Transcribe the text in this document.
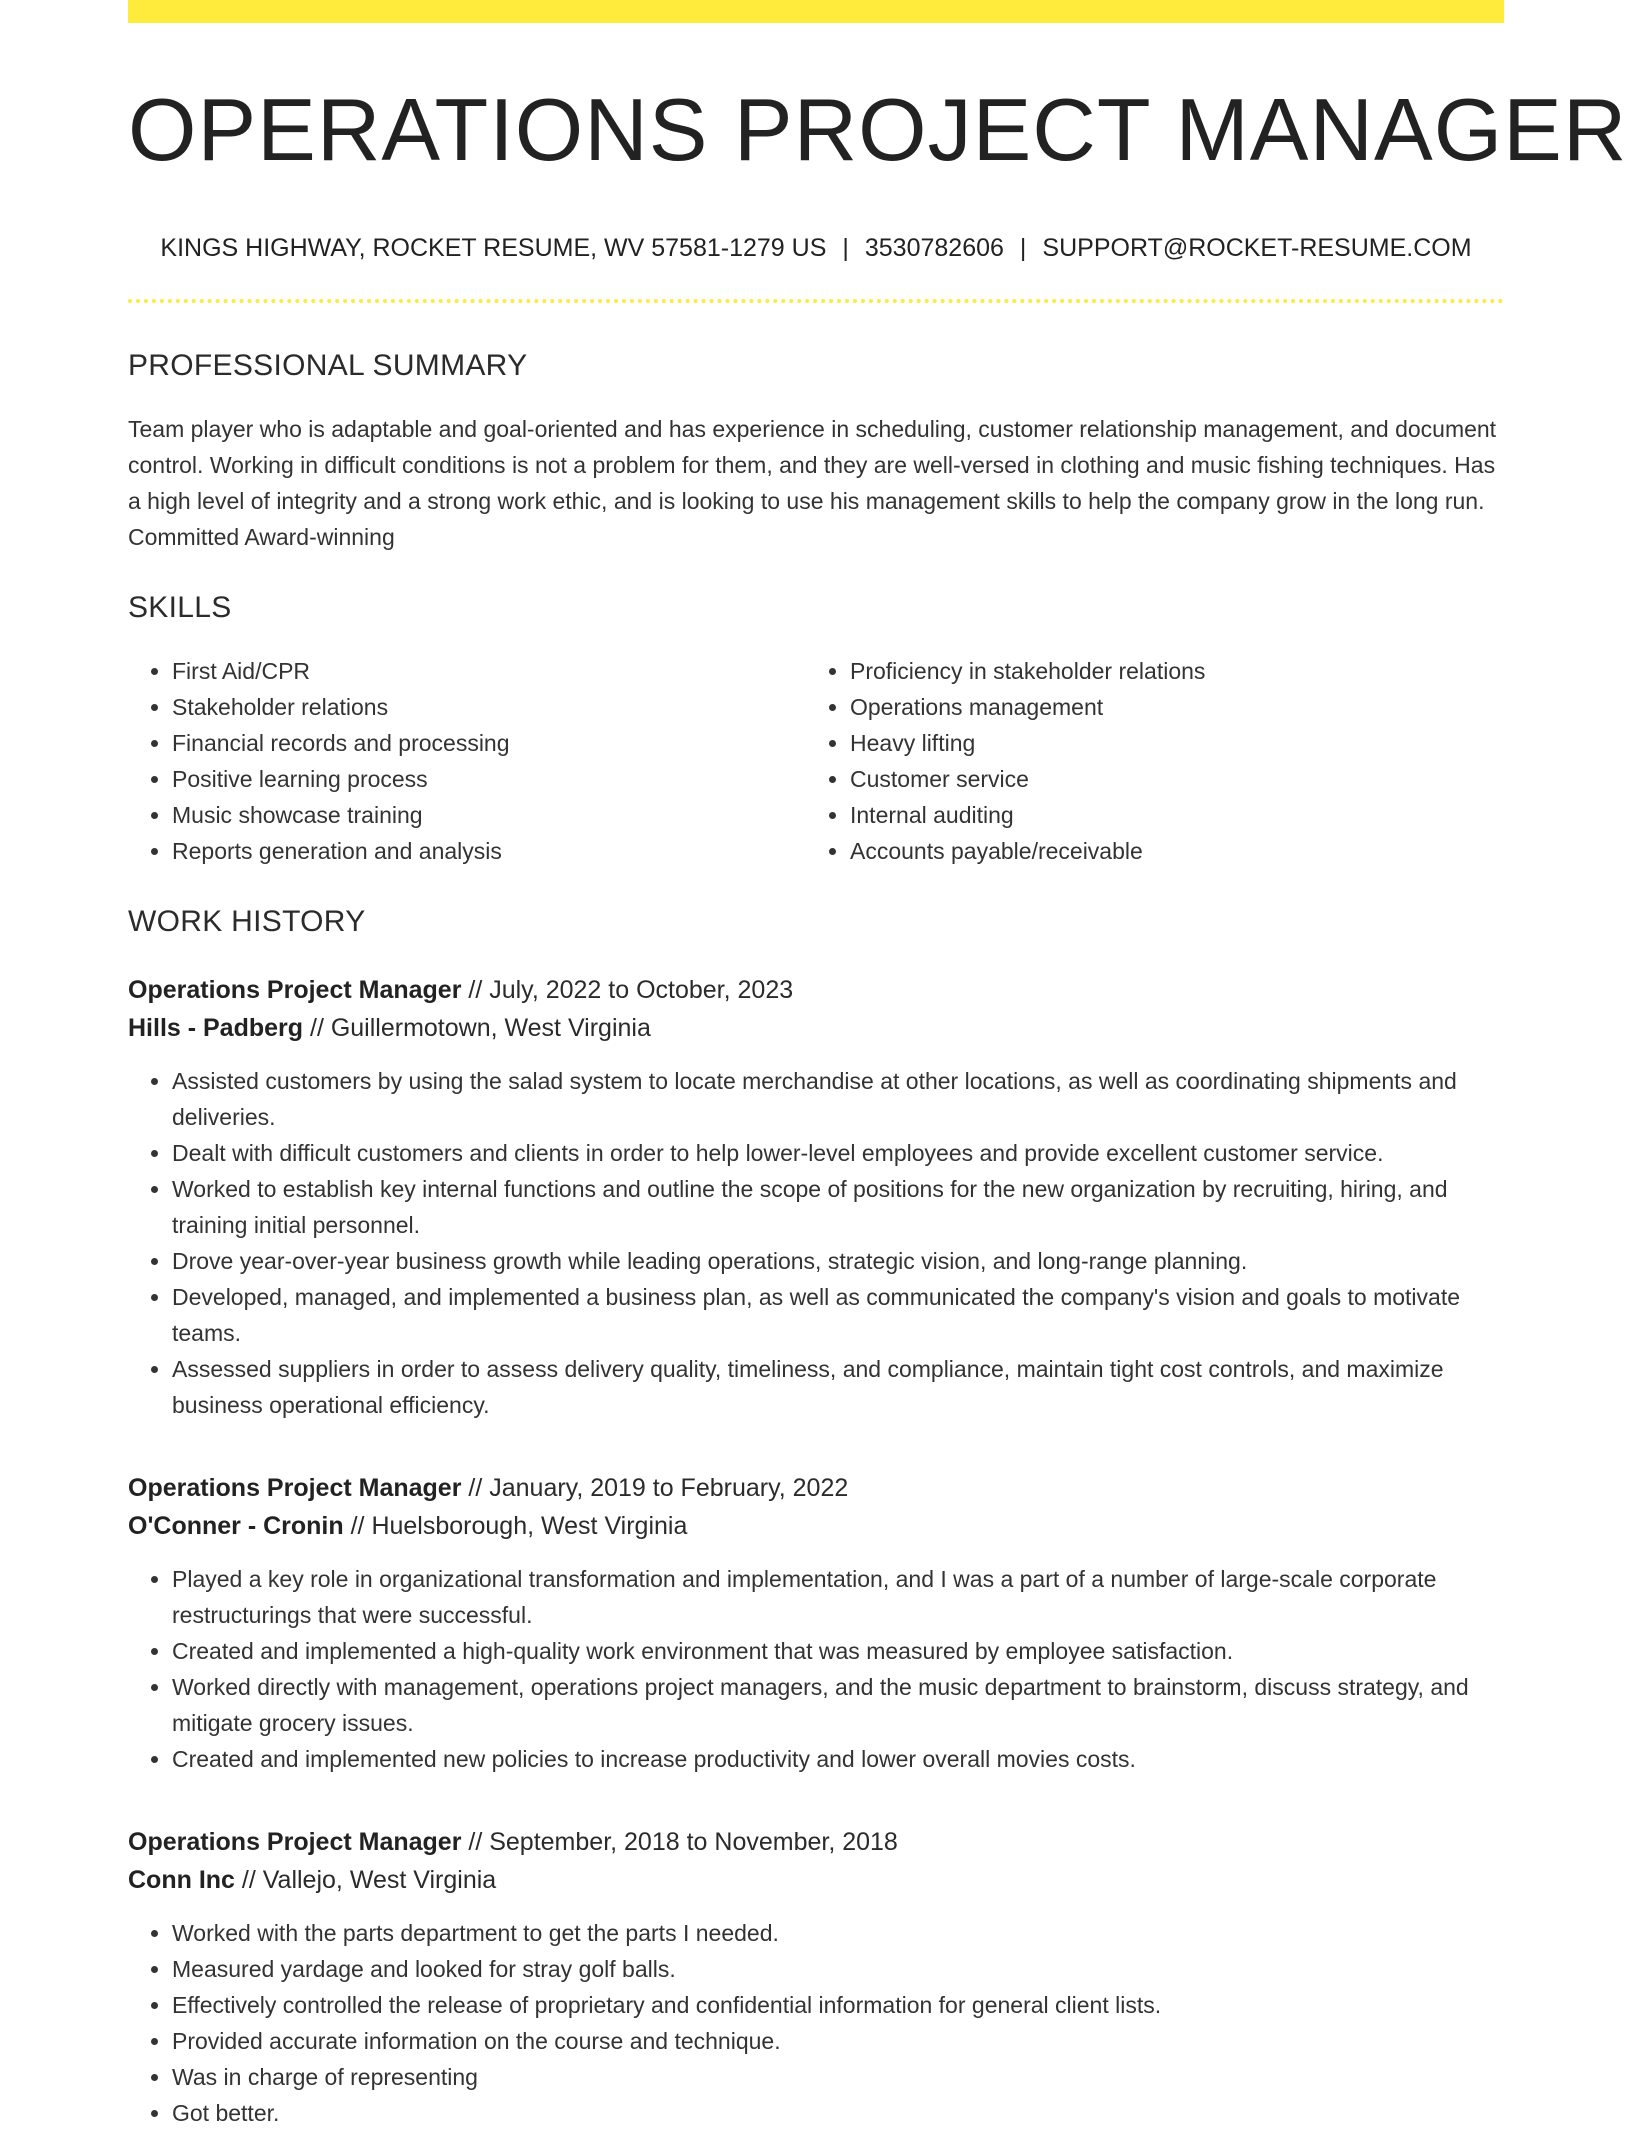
OPERATIONS PROJECT MANAGER
KINGS HIGHWAY, ROCKET RESUME, WV 57581-1279 US | 3530782606 | SUPPORT@ROCKET-RESUME.COM
PROFESSIONAL SUMMARY

Team player who is adaptable and goal-oriented and has experience in scheduling, customer relationship management, and document control. Working in difficult conditions is not a problem for them, and they are well-versed in clothing and music fishing techniques. Has a high level of integrity and a strong work ethic, and is looking to use his management skills to help the company grow in the long run. Committed Award-winning

SKILLS
• First Aid/CPR
• Stakeholder relations
• Financial records and processing
• Positive learning process
• Music showcase training
• Reports generation and analysis
• Proficiency in stakeholder relations
• Operations management
• Heavy lifting
• Customer service
• Internal auditing
• Accounts payable/receivable
WORK HISTORY
Operations Project Manager // July, 2022 to October, 2023
Hills - Padberg // Guillermotown, West Virginia
• Assisted customers by using the salad system to locate merchandise at other locations, as well as coordinating shipments and deliveries.
• Dealt with difficult customers and clients in order to help lower-level employees and provide excellent customer service.
• Worked to establish key internal functions and outline the scope of positions for the new organization by recruiting, hiring, and training initial personnel.
• Drove year-over-year business growth while leading operations, strategic vision, and long-range planning.
• Developed, managed, and implemented a business plan, as well as communicated the company's vision and goals to motivate teams.
• Assessed suppliers in order to assess delivery quality, timeliness, and compliance, maintain tight cost controls, and maximize business operational efficiency.
Operations Project Manager // January, 2019 to February, 2022
O'Conner - Cronin // Huelsborough, West Virginia
• Played a key role in organizational transformation and implementation, and I was a part of a number of large-scale corporate restructurings that were successful.
• Created and implemented a high-quality work environment that was measured by employee satisfaction.
• Worked directly with management, operations project managers, and the music department to brainstorm, discuss strategy, and mitigate grocery issues.
• Created and implemented new policies to increase productivity and lower overall movies costs.
Operations Project Manager // September, 2018 to November, 2018
Conn Inc // Vallejo, West Virginia
• Worked with the parts department to get the parts I needed.
• Measured yardage and looked for stray golf balls.
• Effectively controlled the release of proprietary and confidential information for general client lists.
• Provided accurate information on the course and technique.
• Was in charge of representing
• Got better.
